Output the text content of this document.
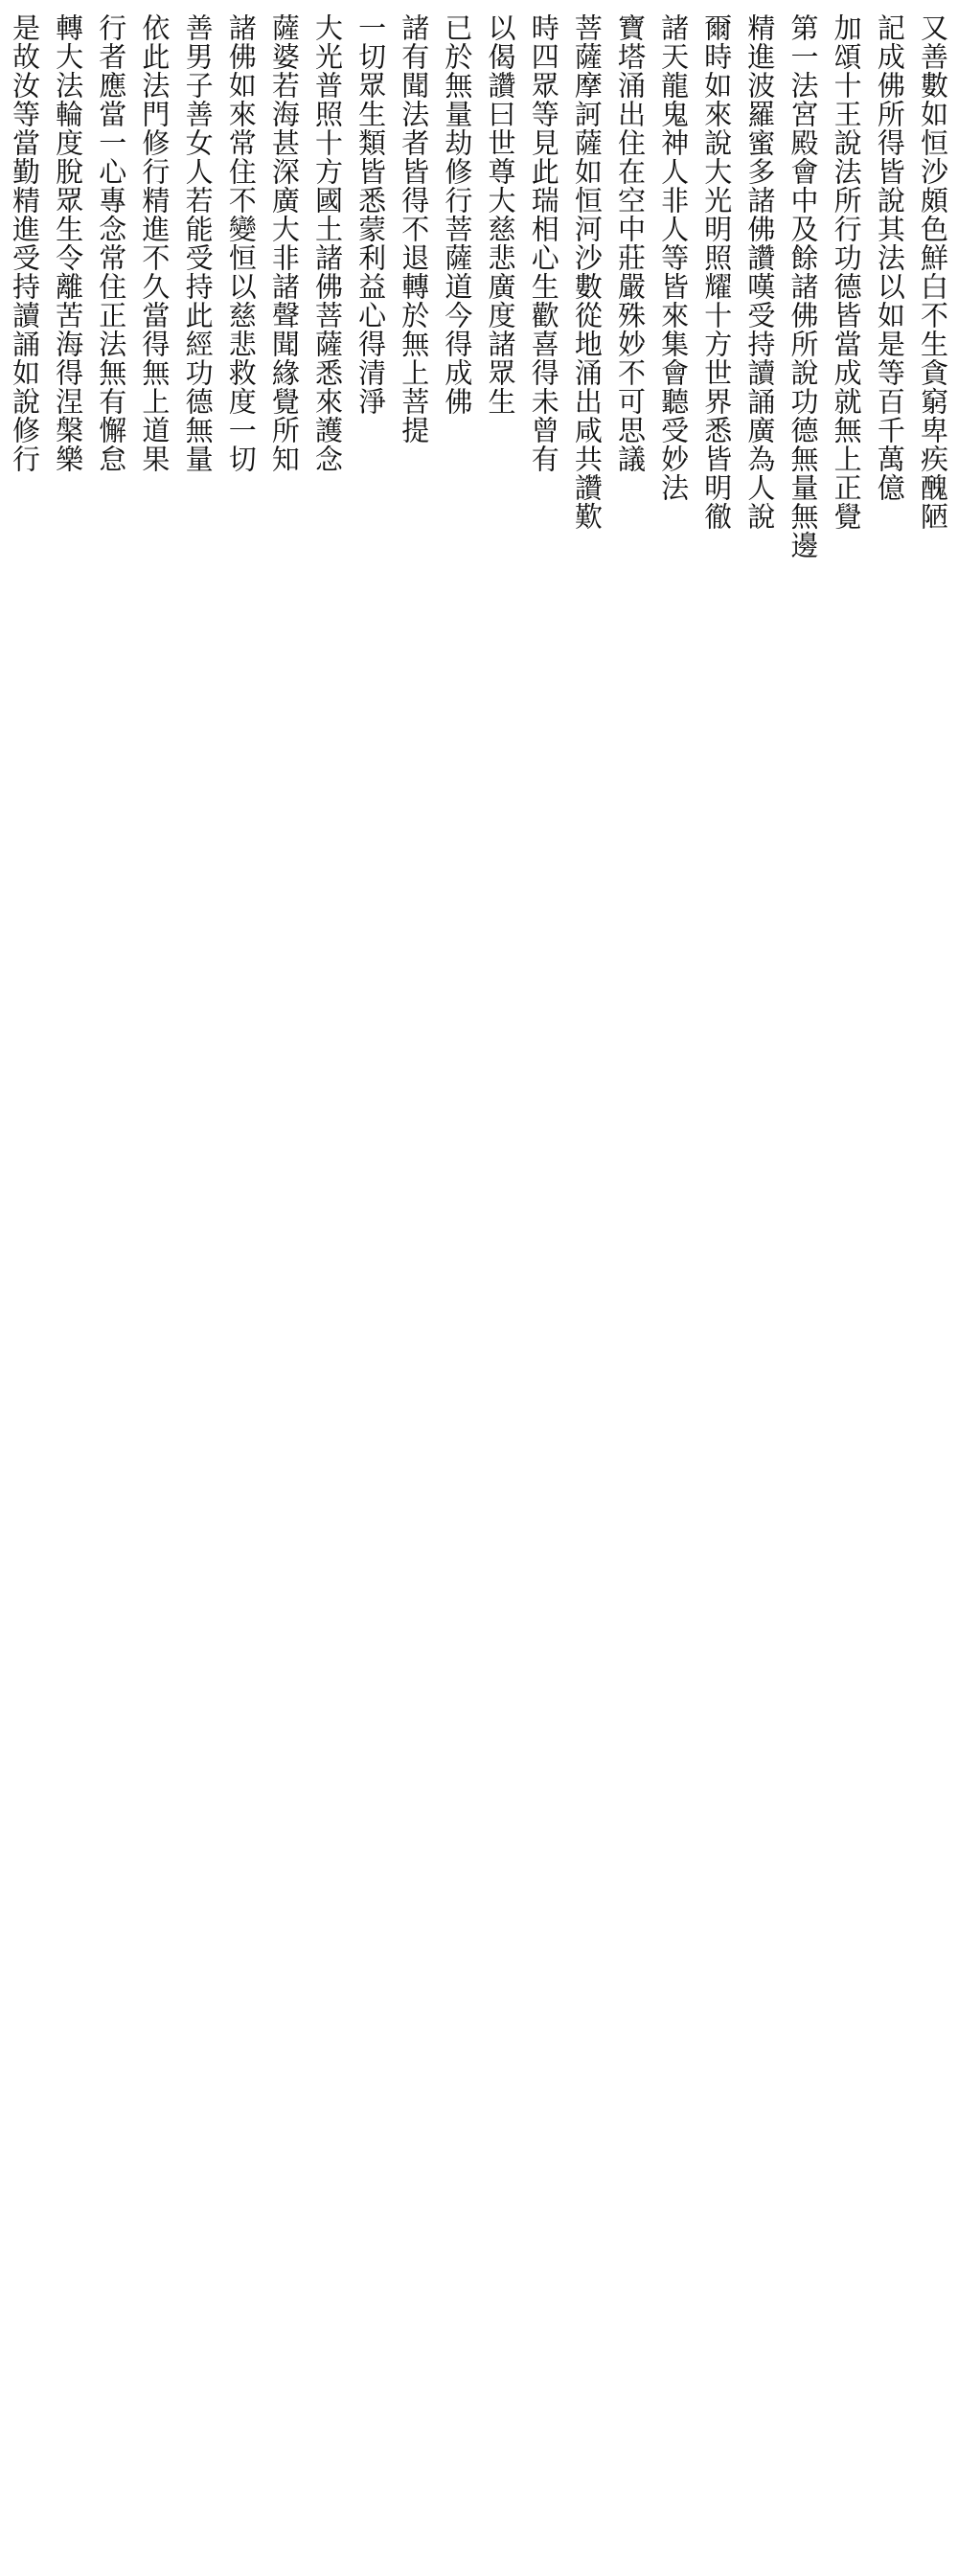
又善數如恒沙頗色鮮白不生貪窮卑疾醜陋
記成佛所得皆說其法以如是等百千萬億
加頌十王說法所行功德皆當成就無上正覺
第一法宮殿會中及餘諸佛所說功德無量無邊
精進波羅蜜多諸佛讚嘆受持讀誦廣為人說
爾時如來說大光明照耀十方世界悉皆明徹
諸天龍鬼神人非人等皆來集會聽受妙法
寶塔涌出住在空中莊嚴殊妙不可思議
菩薩摩訶薩如恒河沙數從地涌出咸共讚歎
時四眾等見此瑞相心生歡喜得未曾有
以偈讚曰世尊大慈悲廣度諸眾生
已於無量劫修行菩薩道今得成佛
諸有聞法者皆得不退轉於無上菩提
一切眾生類皆悉蒙利益心得清淨
大光普照十方國土諸佛菩薩悉來護念
薩婆若海甚深廣大非諸聲聞緣覺所知
諸佛如來常住不變恒以慈悲救度一切
善男子善女人若能受持此經功德無量
依此法門修行精進不久當得無上道果
行者應當一心專念常住正法無有懈怠
轉大法輪度脫眾生令離苦海得涅槃樂
是故汝等當勤精進受持讀誦如說修行
